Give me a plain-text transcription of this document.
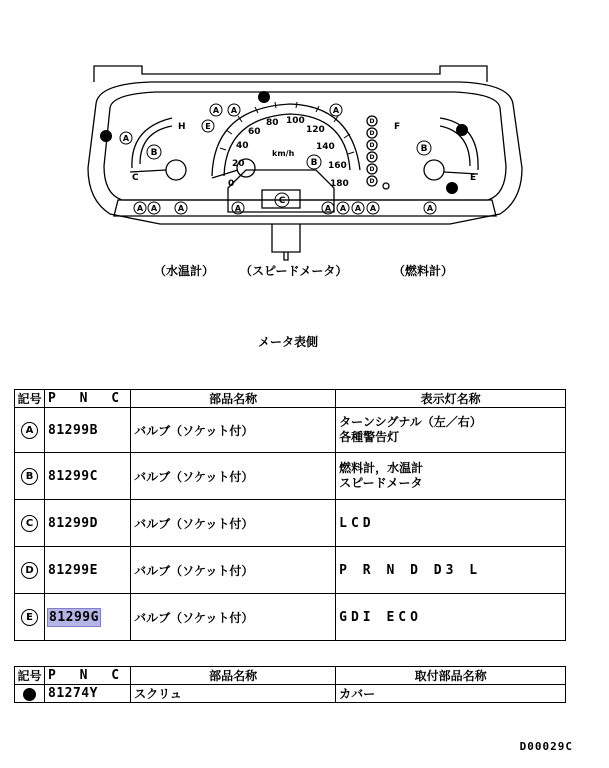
A A	A	A	A A A A	A
A A	A
A
E
B
B
B
C
D
D
D
D
D
D
H
C
F
E
km/h
0
20
40
60
80 100
120
140
160
180
（水温計） （スピードメータ）	（燃料計）
メータ表側
記号	P N C	部品名称	表示灯名称
A	81299B	バルブ（ソケット付）	ターンシグナル（左／右）
各種警告灯
B	81299C	バルブ（ソケット付）	燃料計，水温計
スピードメータ
C	81299D	バルブ（ソケット付）	LCD
D	81299E	バルブ（ソケット付）	P R N D D3 L
E	81299G	バルブ（ソケット付）	GDI ECO
記号	P N C	部品名称	取付部品名称
	81274Y	スクリュ	カバー
D00029C
